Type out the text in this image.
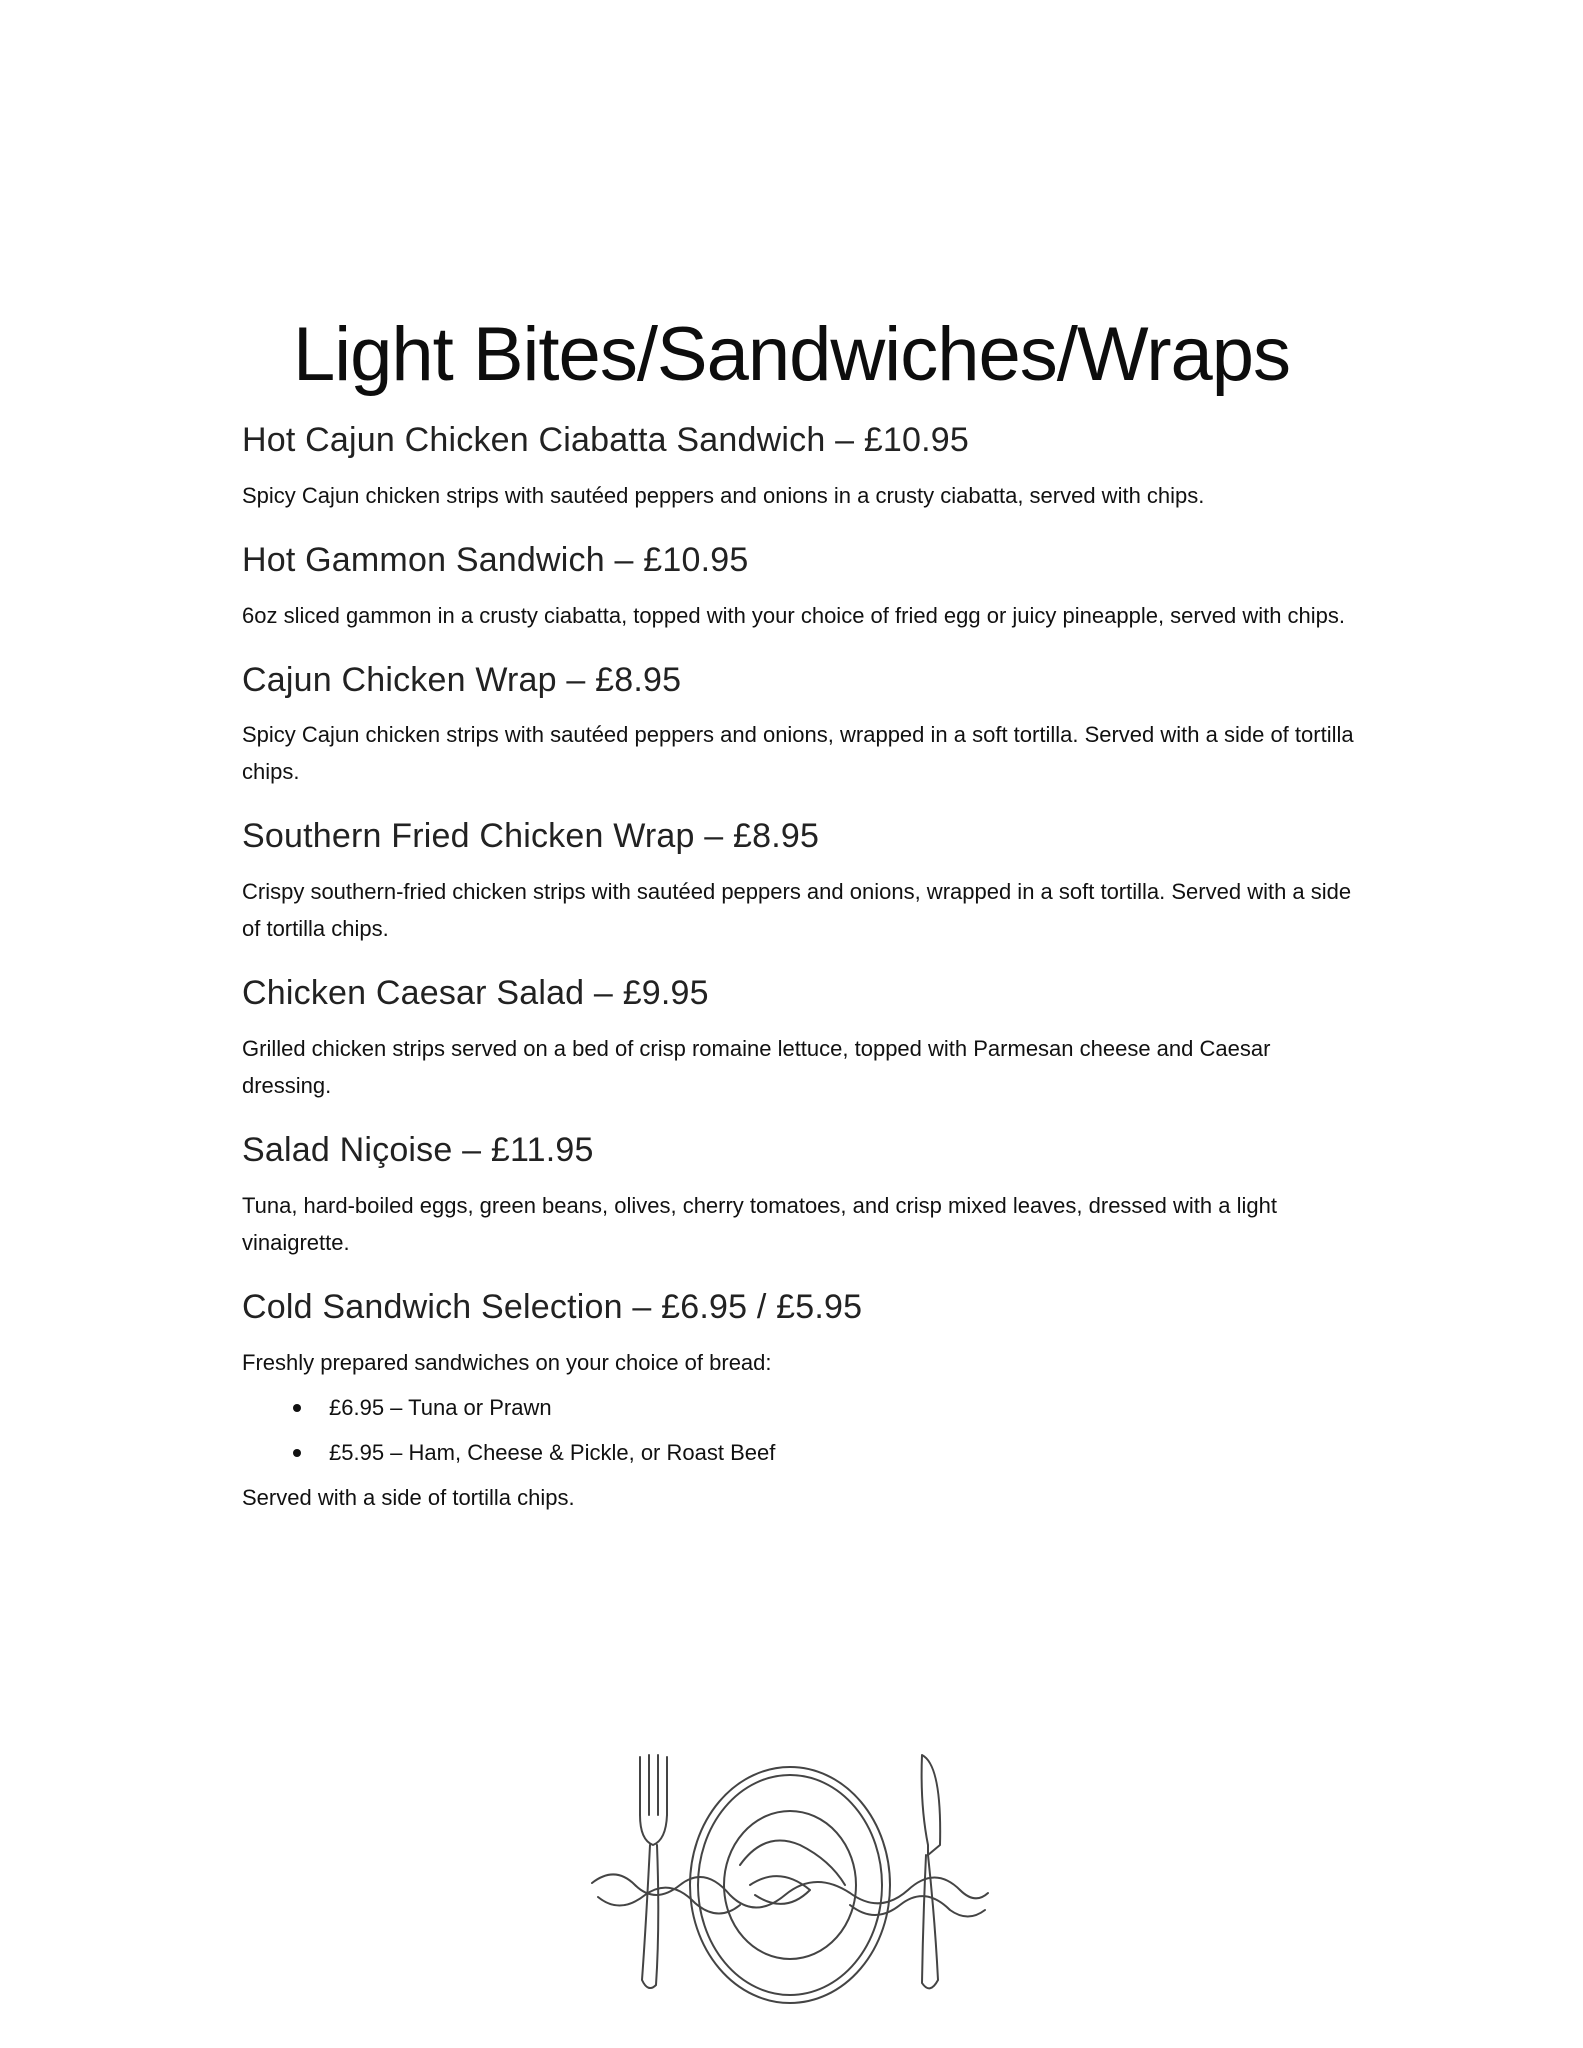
Light Bites/Sandwiches/Wraps
Hot Cajun Chicken Ciabatta Sandwich – £10.95
Spicy Cajun chicken strips with sautéed peppers and onions in a crusty ciabatta, served with chips.
Hot Gammon Sandwich – £10.95
6oz sliced gammon in a crusty ciabatta, topped with your choice of fried egg or juicy pineapple, served with chips.
Cajun Chicken Wrap – £8.95
Spicy Cajun chicken strips with sautéed peppers and onions, wrapped in a soft tortilla. Served with a side of tortilla chips.
Southern Fried Chicken Wrap – £8.95
Crispy southern-fried chicken strips with sautéed peppers and onions, wrapped in a soft tortilla. Served with a side of tortilla chips.
Chicken Caesar Salad – £9.95
Grilled chicken strips served on a bed of crisp romaine lettuce, topped with Parmesan cheese and Caesar dressing.
Salad Niçoise – £11.95
Tuna, hard-boiled eggs, green beans, olives, cherry tomatoes, and crisp mixed leaves, dressed with a light vinaigrette.
Cold Sandwich Selection – £6.95 / £5.95
Freshly prepared sandwiches on your choice of bread:
£6.95 – Tuna or Prawn
£5.95 – Ham, Cheese & Pickle, or Roast Beef
Served with a side of tortilla chips.
